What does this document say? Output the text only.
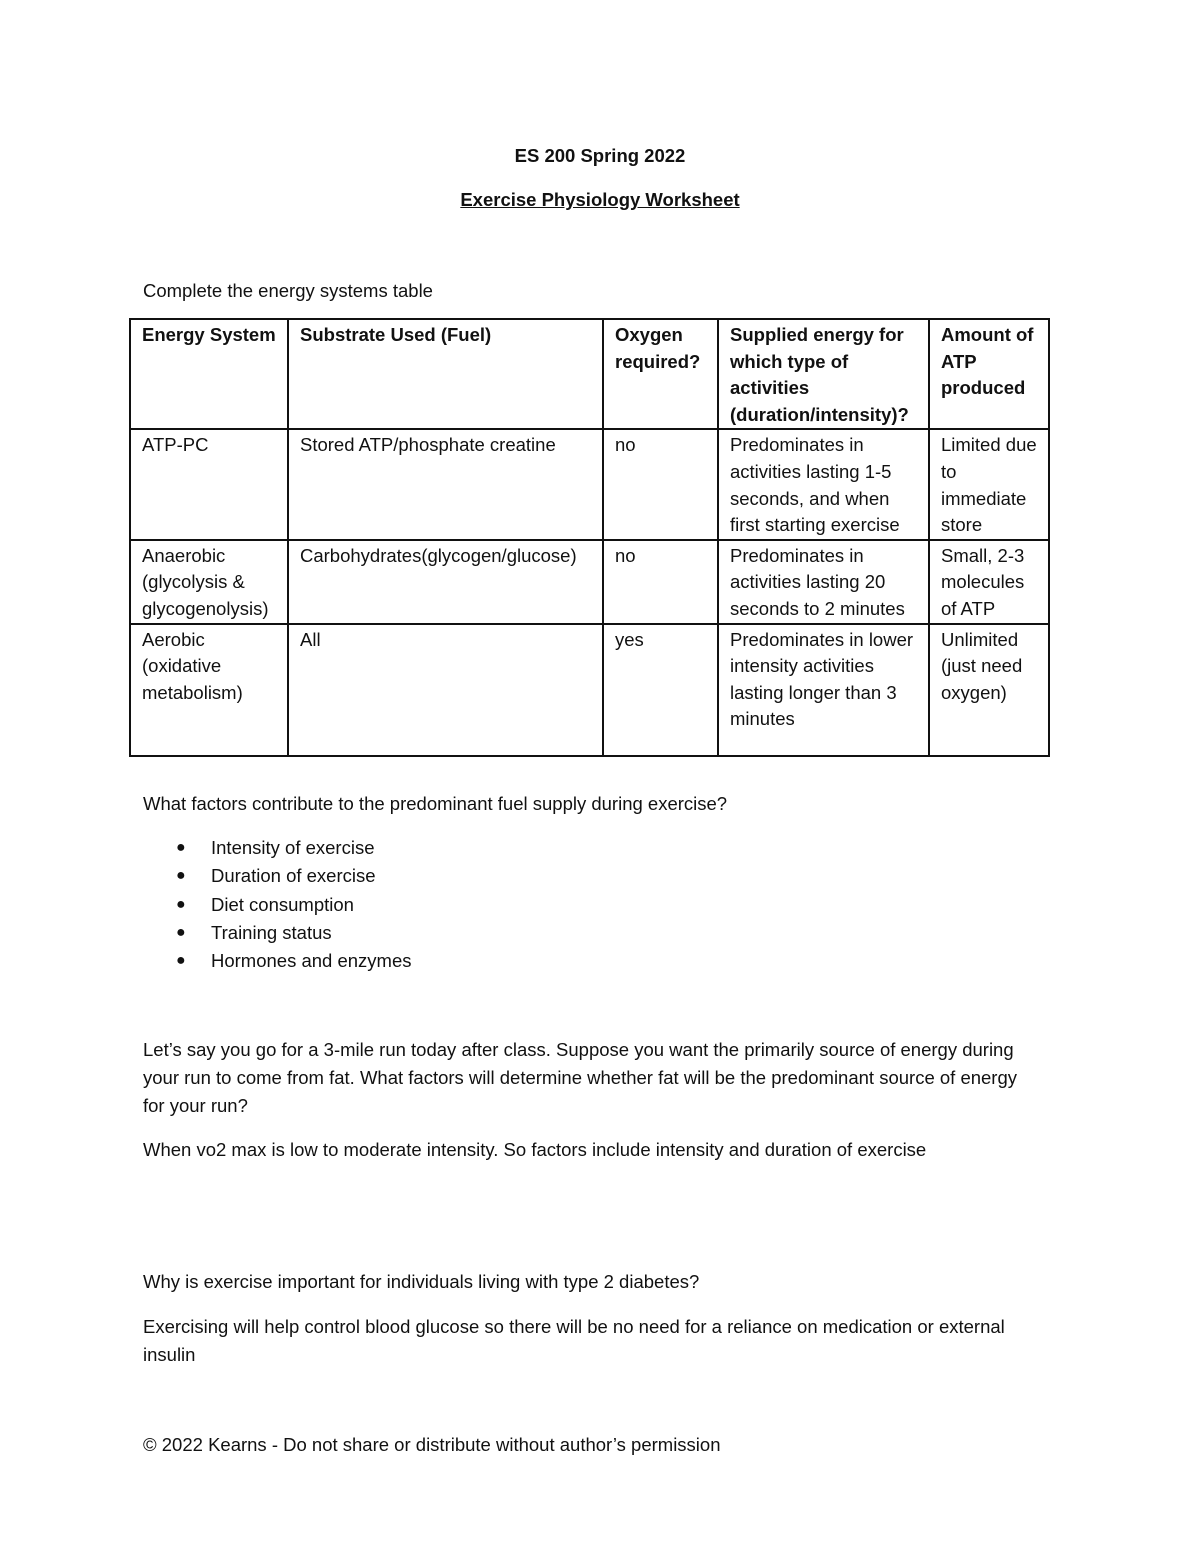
ES 200 Spring 2022
Exercise Physiology Worksheet

Complete the energy systems table

Energy System	Substrate Used (Fuel)	Oxygen required?	Supplied energy for which type of activities (duration/intensity)?	Amount of ATP produced
ATP-PC	Stored ATP/phosphate creatine	no	Predominates in activities lasting 1-5 seconds, and when first starting exercise	Limited due to immediate store
Anaerobic (glycolysis & glycogenolysis)	Carbohydrates(glycogen/glucose)	no	Predominates in activities lasting 20 seconds to 2 minutes	Small, 2-3 molecules of ATP
Aerobic (oxidative metabolism)	All	yes	Predominates in lower intensity activities lasting longer than 3 minutes	Unlimited (just need oxygen)

What factors contribute to the predominant fuel supply during exercise?

● Intensity of exercise
● Duration of exercise
● Diet consumption
● Training status
● Hormones and enzymes

Let’s say you go for a 3-mile run today after class. Suppose you want the primarily source of energy during your run to come from fat. What factors will determine whether fat will be the predominant source of energy for your run?

When vo2 max is low to moderate intensity. So factors include intensity and duration of exercise

Why is exercise important for individuals living with type 2 diabetes?

Exercising will help control blood glucose so there will be no need for a reliance on medication or external insulin

© 2022 Kearns - Do not share or distribute without author’s permission
